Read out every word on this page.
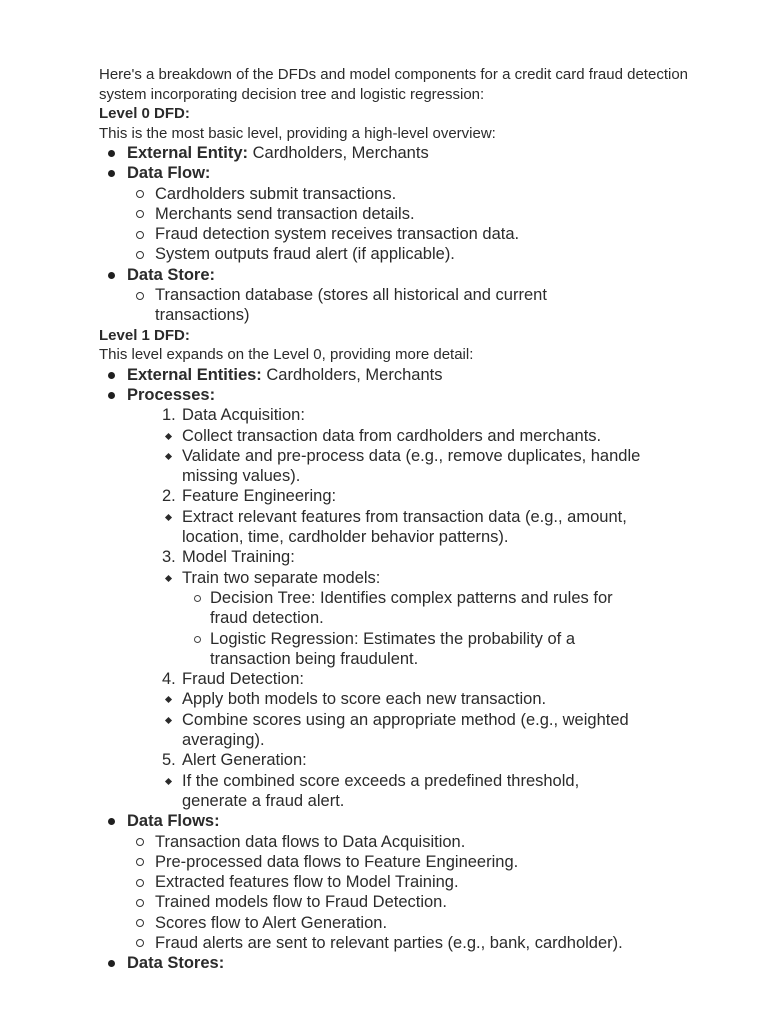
Here's a breakdown of the DFDs and model components for a credit card fraud detection system incorporating decision tree and logistic regression:
Level 0 DFD:
This is the most basic level, providing a high-level overview:
External Entity: Cardholders, Merchants
Data Flow:
Cardholders submit transactions.
Merchants send transaction details.
Fraud detection system receives transaction data.
System outputs fraud alert (if applicable).
Data Store:
Transaction database (stores all historical and current
transactions)
Level 1 DFD:
This level expands on the Level 0, providing more detail:
External Entities: Cardholders, Merchants
Processes:
1. Data Acquisition:
Collect transaction data from cardholders and merchants.
Validate and pre-process data (e.g., remove duplicates, handle
missing values).
2. Feature Engineering:
Extract relevant features from transaction data (e.g., amount,
location, time, cardholder behavior patterns).
3. Model Training:
Train two separate models:
Decision Tree: Identifies complex patterns and rules for
fraud detection.
Logistic Regression: Estimates the probability of a
transaction being fraudulent.
4. Fraud Detection:
Apply both models to score each new transaction.
Combine scores using an appropriate method (e.g., weighted
averaging).
5. Alert Generation:
If the combined score exceeds a predefined threshold,
generate a fraud alert.
Data Flows:
Transaction data flows to Data Acquisition.
Pre-processed data flows to Feature Engineering.
Extracted features flow to Model Training.
Trained models flow to Fraud Detection.
Scores flow to Alert Generation.
Fraud alerts are sent to relevant parties (e.g., bank, cardholder).
Data Stores:
